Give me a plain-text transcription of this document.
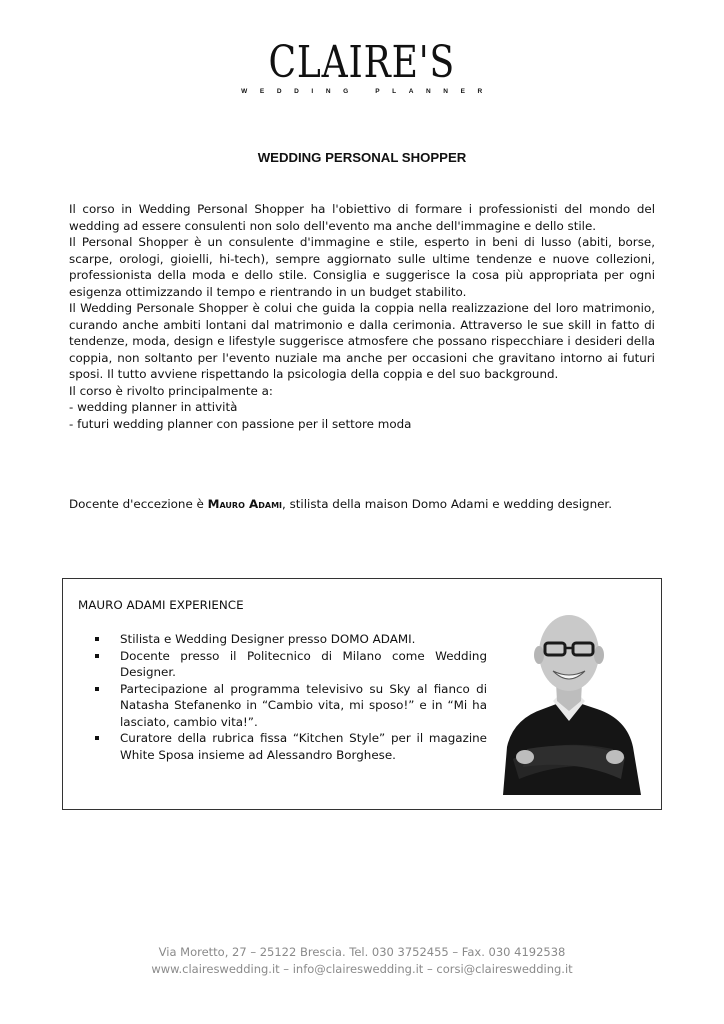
CLAIRE'S
WEDDING PLANNER
WEDDING PERSONAL SHOPPER

Il corso in Wedding Personal Shopper ha l'obiettivo di formare i professionisti del mondo del wedding ad essere consulenti non solo dell'evento ma anche dell'immagine e dello stile.

Il Personal Shopper è un consulente d'immagine e stile, esperto in beni di lusso (abiti, borse, scarpe, orologi, gioielli, hi-tech), sempre aggiornato sulle ultime tendenze e nuove collezioni, professionista della moda e dello stile. Consiglia e suggerisce la cosa più appropriata per ogni esigenza ottimizzando il tempo e rientrando in un budget stabilito.

Il Wedding Personale Shopper è colui che guida la coppia nella realizzazione del loro matrimonio, curando anche ambiti lontani dal matrimonio e dalla cerimonia. Attraverso le sue skill in fatto di tendenze, moda, design e lifestyle suggerisce atmosfere che possano rispecchiare i desideri della coppia, non soltanto per l'evento nuziale ma anche per occasioni che gravitano intorno ai futuri sposi. Il tutto avviene rispettando la psicologia della coppia e del suo background.

Il corso è rivolto principalmente a:

- wedding planner in attività

- futuri wedding planner con passione per il settore moda

Docente d'eccezione è Mauro Adami, stilista della maison Domo Adami e wedding designer.
MAURO ADAMI EXPERIENCE
Stilista e Wedding Designer presso DOMO ADAMI.
Docente presso il Politecnico di Milano come Wedding Designer.
Partecipazione al programma televisivo su Sky al fianco di Natasha Stefanenko in “Cambio vita, mi sposo!” e in “Mi ha lasciato, cambio vita!”.
Curatore della rubrica fissa “Kitchen Style” per il magazine White Sposa insieme ad Alessandro Borghese.
Via Moretto, 27 – 25122 Brescia. Tel. 030 3752455 – Fax. 030 4192538
www.claireswedding.it – info@claireswedding.it – corsi@claireswedding.it
